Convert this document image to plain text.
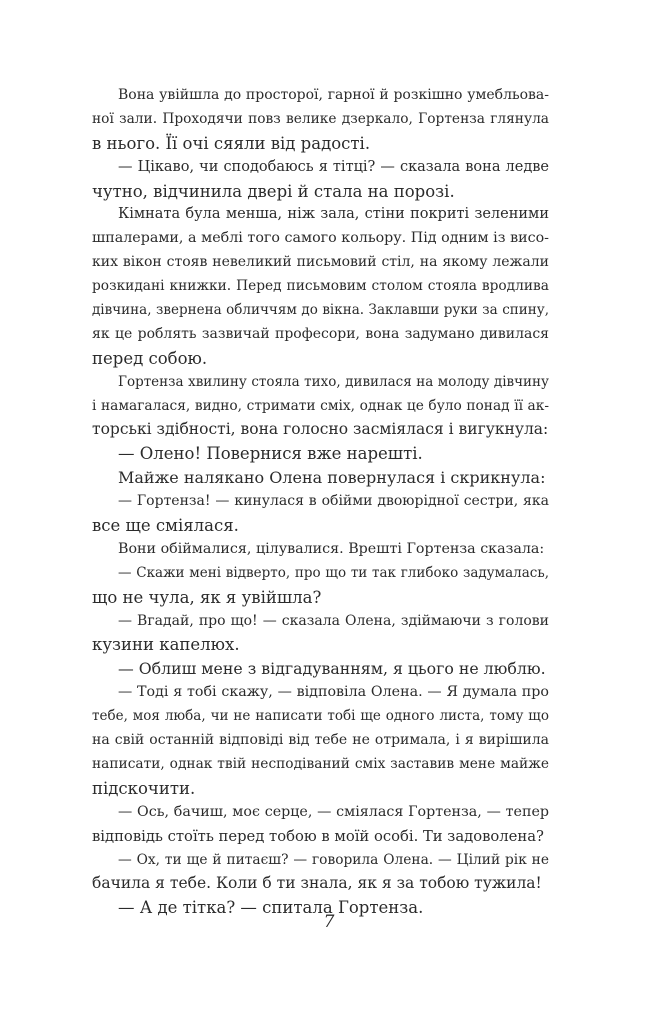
Вона увійшла до просторої, гарної й розкішно умебльова-
ної зали. Проходячи повз велике дзеркало, Гортенза глянула
в нього. Її очі сяяли від радості.
— Цікаво, чи сподобаюсь я тітці? — сказала вона ледве
чутно, відчинила двері й стала на порозі.
Кімната була менша, ніж зала, стіни покриті зеленими
шпалерами, а меблі того самого кольору. Під одним із висо-
ких вікон стояв невеликий письмовий стіл, на якому лежали
розкидані книжки. Перед письмовим столом стояла вродлива
дівчина, звернена обличчям до вікна. Заклавши руки за спину,
як це роблять зазвичай професори, вона задумано дивилася
перед собою.
Гортенза хвилину стояла тихо, дивилася на молоду дівчину
і намагалася, видно, стримати сміх, однак це було понад її ак-
торські здібності, вона голосно засміялася і вигукнула:
— Олено! Повернися вже нарешті.
Майже налякано Олена повернулася і скрикнула:
— Гортенза! — кинулася в обійми двоюрідної сестри, яка
все ще сміялася.
Вони обіймалися, цілувалися. Врешті Гортенза сказала:
— Скажи мені відверто, про що ти так глибоко задумалась,
що не чула, як я увійшла?
— Вгадай, про що! — сказала Олена, здіймаючи з голови
кузини капелюх.
— Облиш мене з відгадуванням, я цього не люблю.
— Тоді я тобі скажу, — відповіла Олена. — Я думала про
тебе, моя люба, чи не написати тобі ще одного листа, тому що
на свій останній відповіді від тебе не отримала, і я вирішила
написати, однак твій несподіваний сміх заставив мене майже
підскочити.
— Ось, бачиш, моє серце, — сміялася Гортенза, — тепер
відповідь стоїть перед тобою в моїй особі. Ти задоволена?
— Ох, ти ще й питаєш? — говорила Олена. — Цілий рік не
бачила я тебе. Коли б ти знала, як я за тобою тужила!
— А де тітка? — спитала Гортенза.
7
